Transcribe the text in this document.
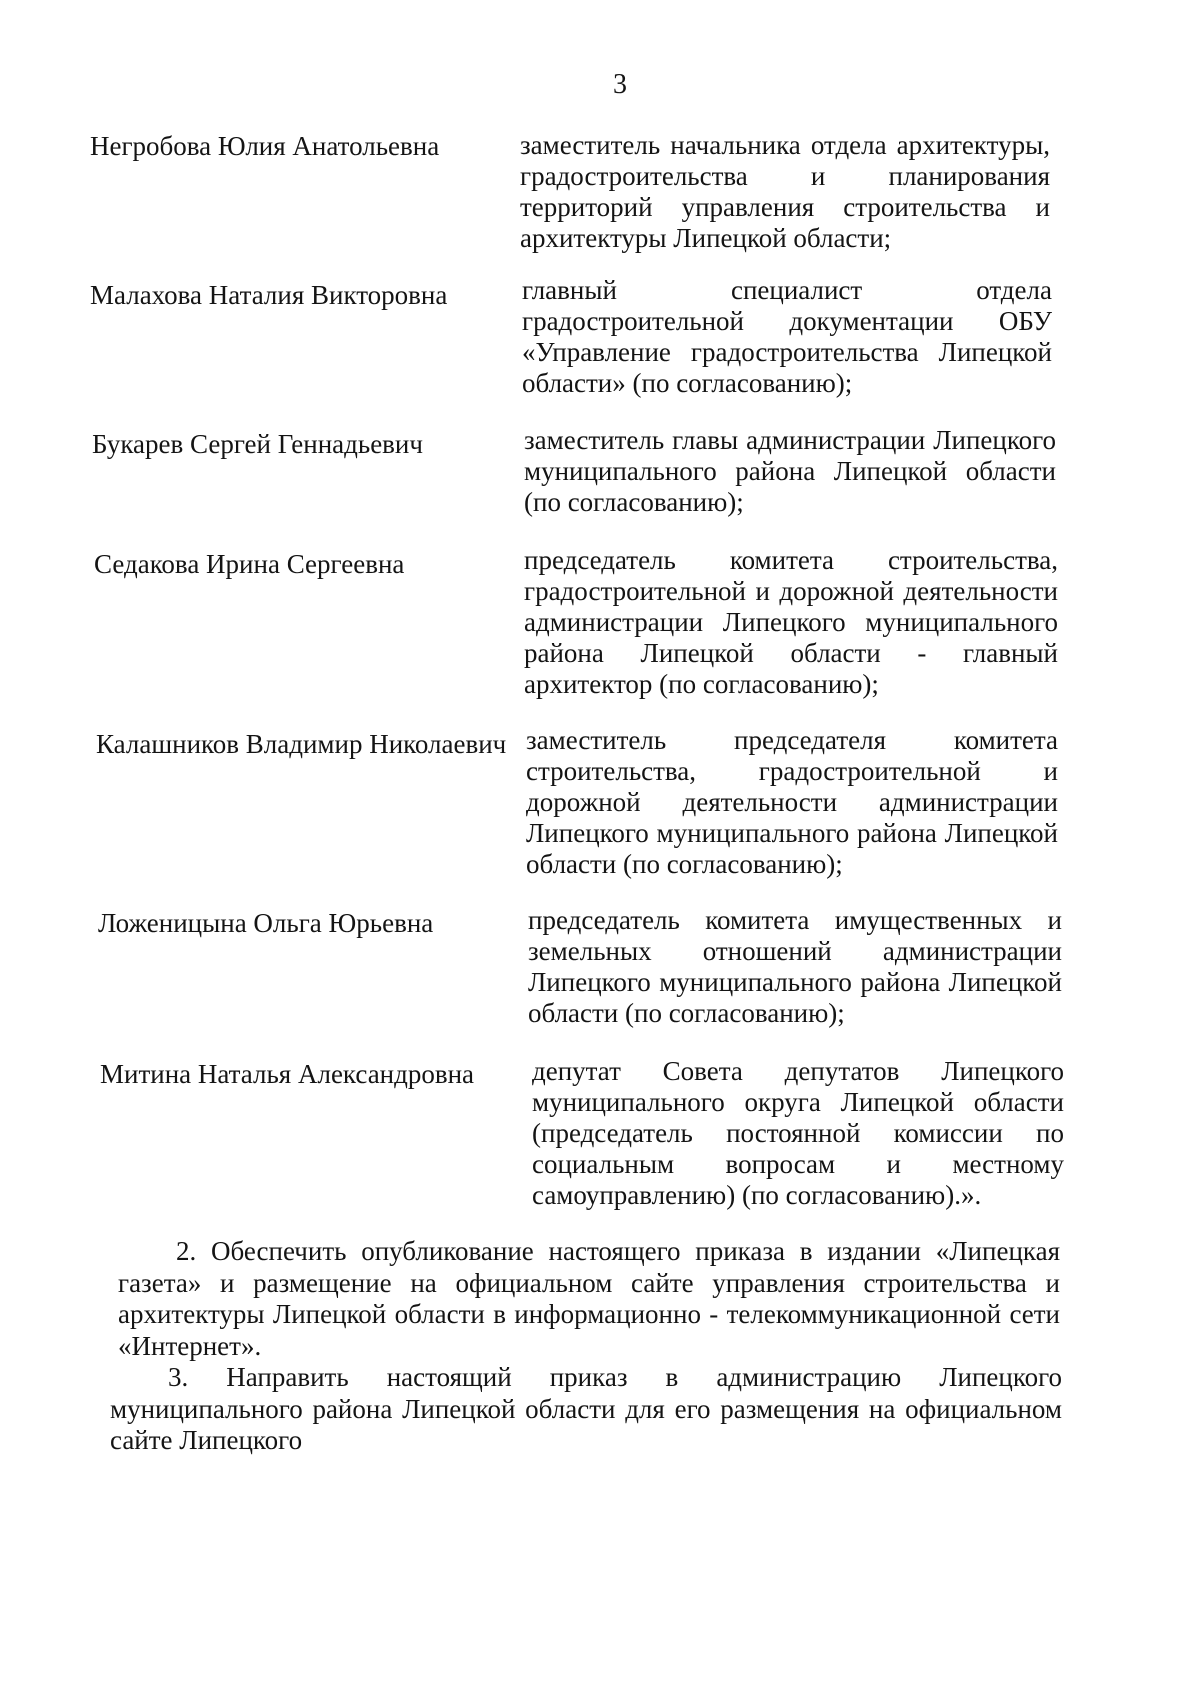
3
Негробова Юлия Анатольевна	заместитель начальника отдела архитектуры, градостроительства и планирования территорий управления строительства и архитектуры Липецкой области;
Малахова Наталия Викторовна	главный специалист отдела градостроительной документации ОБУ «Управление градостроительства Липецкой области» (по согласованию);
Букарев Сергей Геннадьевич	заместитель главы администрации Липецкого муниципального района Липецкой области (по согласованию);
Седакова Ирина Сергеевна	председатель комитета строительства, градостроительной и дорожной деятельности администрации Липецкого муниципального района Липецкой области - главный архитектор (по согласованию);
Калашников Владимир Николаевич заместитель председателя комитета строительства, градостроительной и дорожной деятельности администрации Липецкого муниципального района Липецкой области (по согласованию);
Ложеницына Ольга Юрьевна	председатель комитета имущественных и земельных отношений администрации Липецкого муниципального района Липецкой области (по согласованию);
Митина Наталья Александровна	депутат Совета депутатов Липецкого муниципального округа Липецкой области (председатель постоянной комиссии по социальным вопросам и местному самоуправлению) (по согласованию).».
2. Обеспечить опубликование настоящего приказа в издании «Липецкая газета» и размещение на официальном сайте управления строительства и архитектуры Липецкой области в информационно - телекоммуникационной сети «Интернет».
3. Направить настоящий приказ в администрацию Липецкого муниципального района Липецкой области для его размещения на официальном сайте Липецкого
